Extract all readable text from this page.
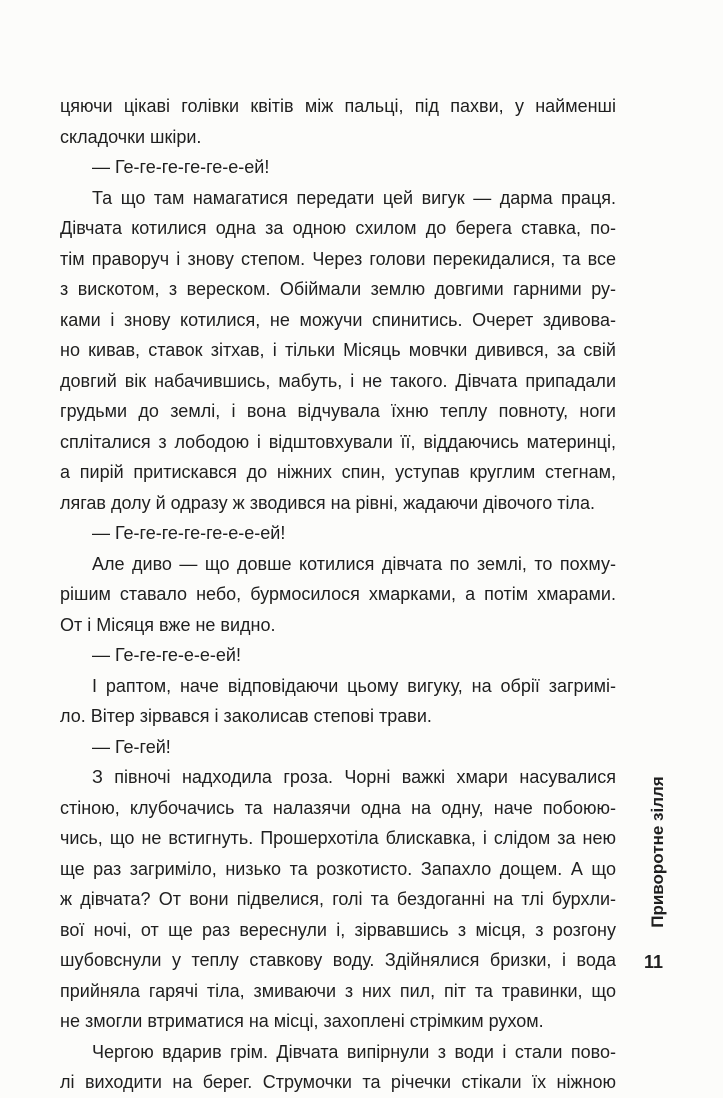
цяючи цікаві голівки квітів між пальці, під пахви, у найменші
складочки шкіри.
— Ге-ге-ге-ге-ге-е-ей!
Та що там намагатися передати цей вигук — дарма праця.
Дівчата котилися одна за одною схилом до берега ставка, по-
тім праворуч і знову степом. Через голови перекидалися, та все
з вискотом, з вереском. Обіймали землю довгими гарними ру-
ками і знову котилися, не можучи спинитись. Очерет здивова-
но кивав, ставок зітхав, і тільки Місяць мовчки дивився, за свій
довгий вік набачившись, мабуть, і не такого. Дівчата припадали
грудьми до землі, і вона відчувала їхню теплу повноту, ноги
спліталися з лободою і відштовхували її, віддаючись материнці,
а пирій притискався до ніжних спин, уступав круглим стегнам,
лягав долу й одразу ж зводився на рівні, жадаючи дівочого тіла.
— Ге-ге-ге-ге-ге-е-е-ей!
Але диво — що довше котилися дівчата по землі, то похму-
рішим ставало небо, бурмосилося хмарками, а потім хмарами.
От і Місяця вже не видно.
— Ге-ге-ге-е-е-ей!
І раптом, наче відповідаючи цьому вигуку, на обрії загримі-
ло. Вітер зірвався і заколисав степові трави.
— Ге-гей!
З півночі надходила гроза. Чорні важкі хмари насувалися
стіною, клубочачись та налазячи одна на одну, наче побоюю-
чись, що не встигнуть. Прошерхотіла блискавка, і слідом за нею
ще раз загриміло, низько та розкотисто. Запахло дощем. А що
ж дівчата? От вони підвелися, голі та бездоганні на тлі бурхли-
вої ночі, от ще раз вереснули і, зірвавшись з місця, з розгону
шубовснули у теплу ставкову воду. Здійнялися бризки, і вода
прийняла гарячі тіла, змиваючи з них пил, піт та травинки, що
не змогли втриматися на місці, захоплені стрімким рухом.
Чергою вдарив грім. Дівчата випірнули з води і стали пово-
лі виходити на берег. Струмочки та річечки стікали їх ніжною
Приворотне зілля
11
